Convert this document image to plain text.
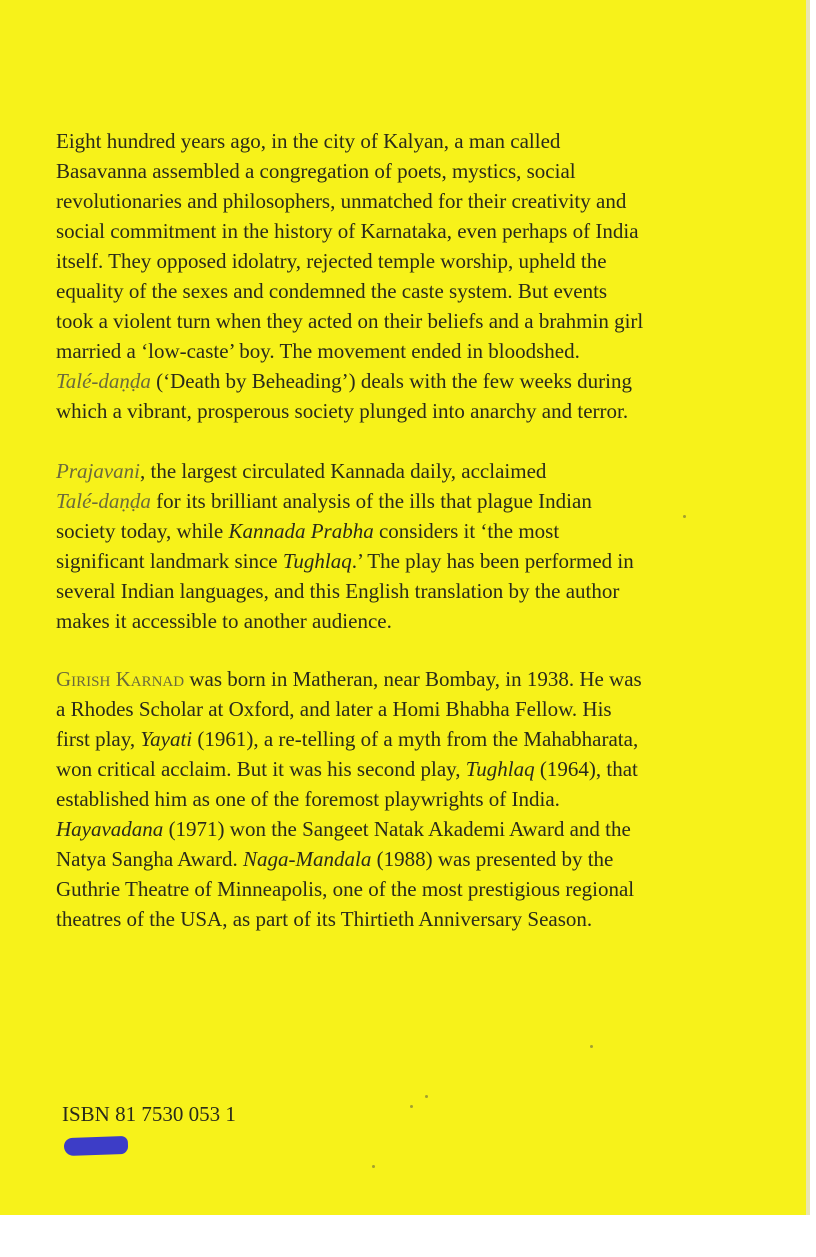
Eight hundred years ago, in the city of Kalyan, a man called
Basavanna assembled a congregation of poets, mystics, social
revolutionaries and philosophers, unmatched for their creativity and
social commitment in the history of Karnataka, even perhaps of India
itself. They opposed idolatry, rejected temple worship, upheld the
equality of the sexes and condemned the caste system. But events
took a violent turn when they acted on their beliefs and a brahmin girl
married a ‘low-caste’ boy. The movement ended in bloodshed.
Talé-daṇḍa (‘Death by Beheading’) deals with the few weeks during
which a vibrant, prosperous society plunged into anarchy and terror.

Prajavani, the largest circulated Kannada daily, acclaimed
Talé-daṇḍa for its brilliant analysis of the ills that plague Indian
society today, while Kannada Prabha considers it ‘the most
significant landmark since Tughlaq.’ The play has been performed in
several Indian languages, and this English translation by the author
makes it accessible to another audience.

Girish Karnad was born in Matheran, near Bombay, in 1938. He was
a Rhodes Scholar at Oxford, and later a Homi Bhabha Fellow. His
first play, Yayati (1961), a re-telling of a myth from the Mahabharata,
won critical acclaim. But it was his second play, Tughlaq (1964), that
established him as one of the foremost playwrights of India.
Hayavadana (1971) won the Sangeet Natak Akademi Award and the
Natya Sangha Award. Naga-Mandala (1988) was presented by the
Guthrie Theatre of Minneapolis, one of the most prestigious regional
theatres of the USA, as part of its Thirtieth Anniversary Season.

ISBN 81 7530 053 1
